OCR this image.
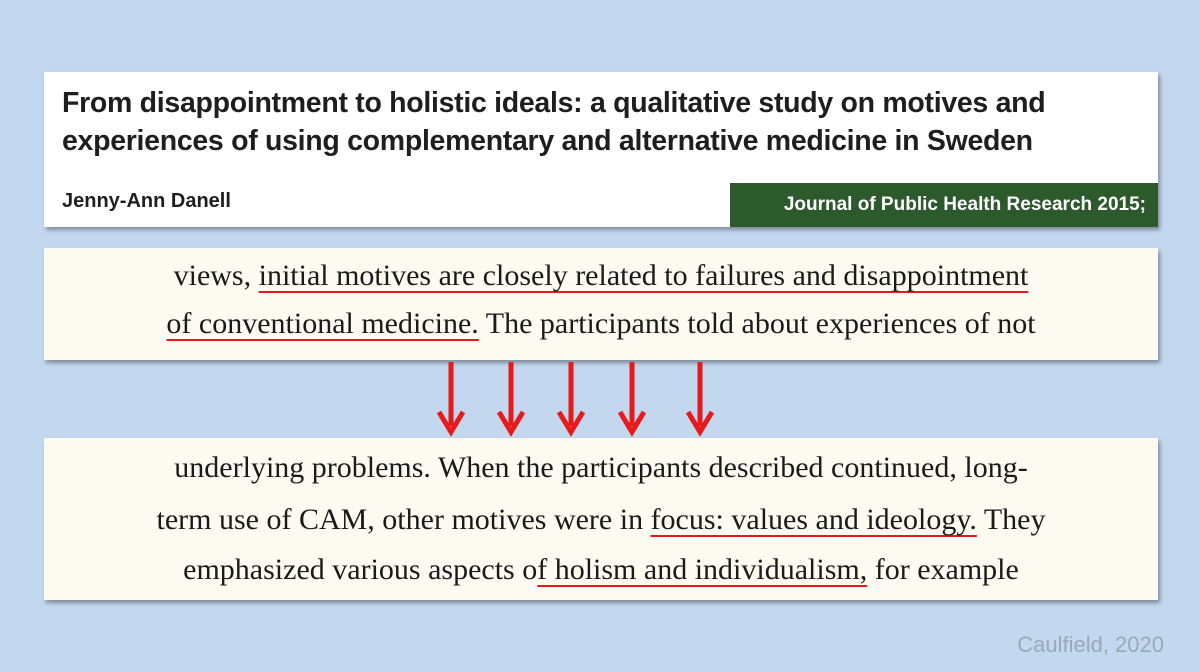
From disappointment to holistic ideals: a qualitative study on motives and
experiences of using complementary and alternative medicine in Sweden
Jenny-Ann Danell	Journal of Public Health Research 2015;
views, initial motives are closely related to failures and disappointment
of conventional medicine. The participants told about experiences of not
underlying problems. When the participants described continued, long-
term use of CAM, other motives were in focus: values and ideology. They
emphasized various aspects of holism and individualism, for example
Caulfield, 2020
